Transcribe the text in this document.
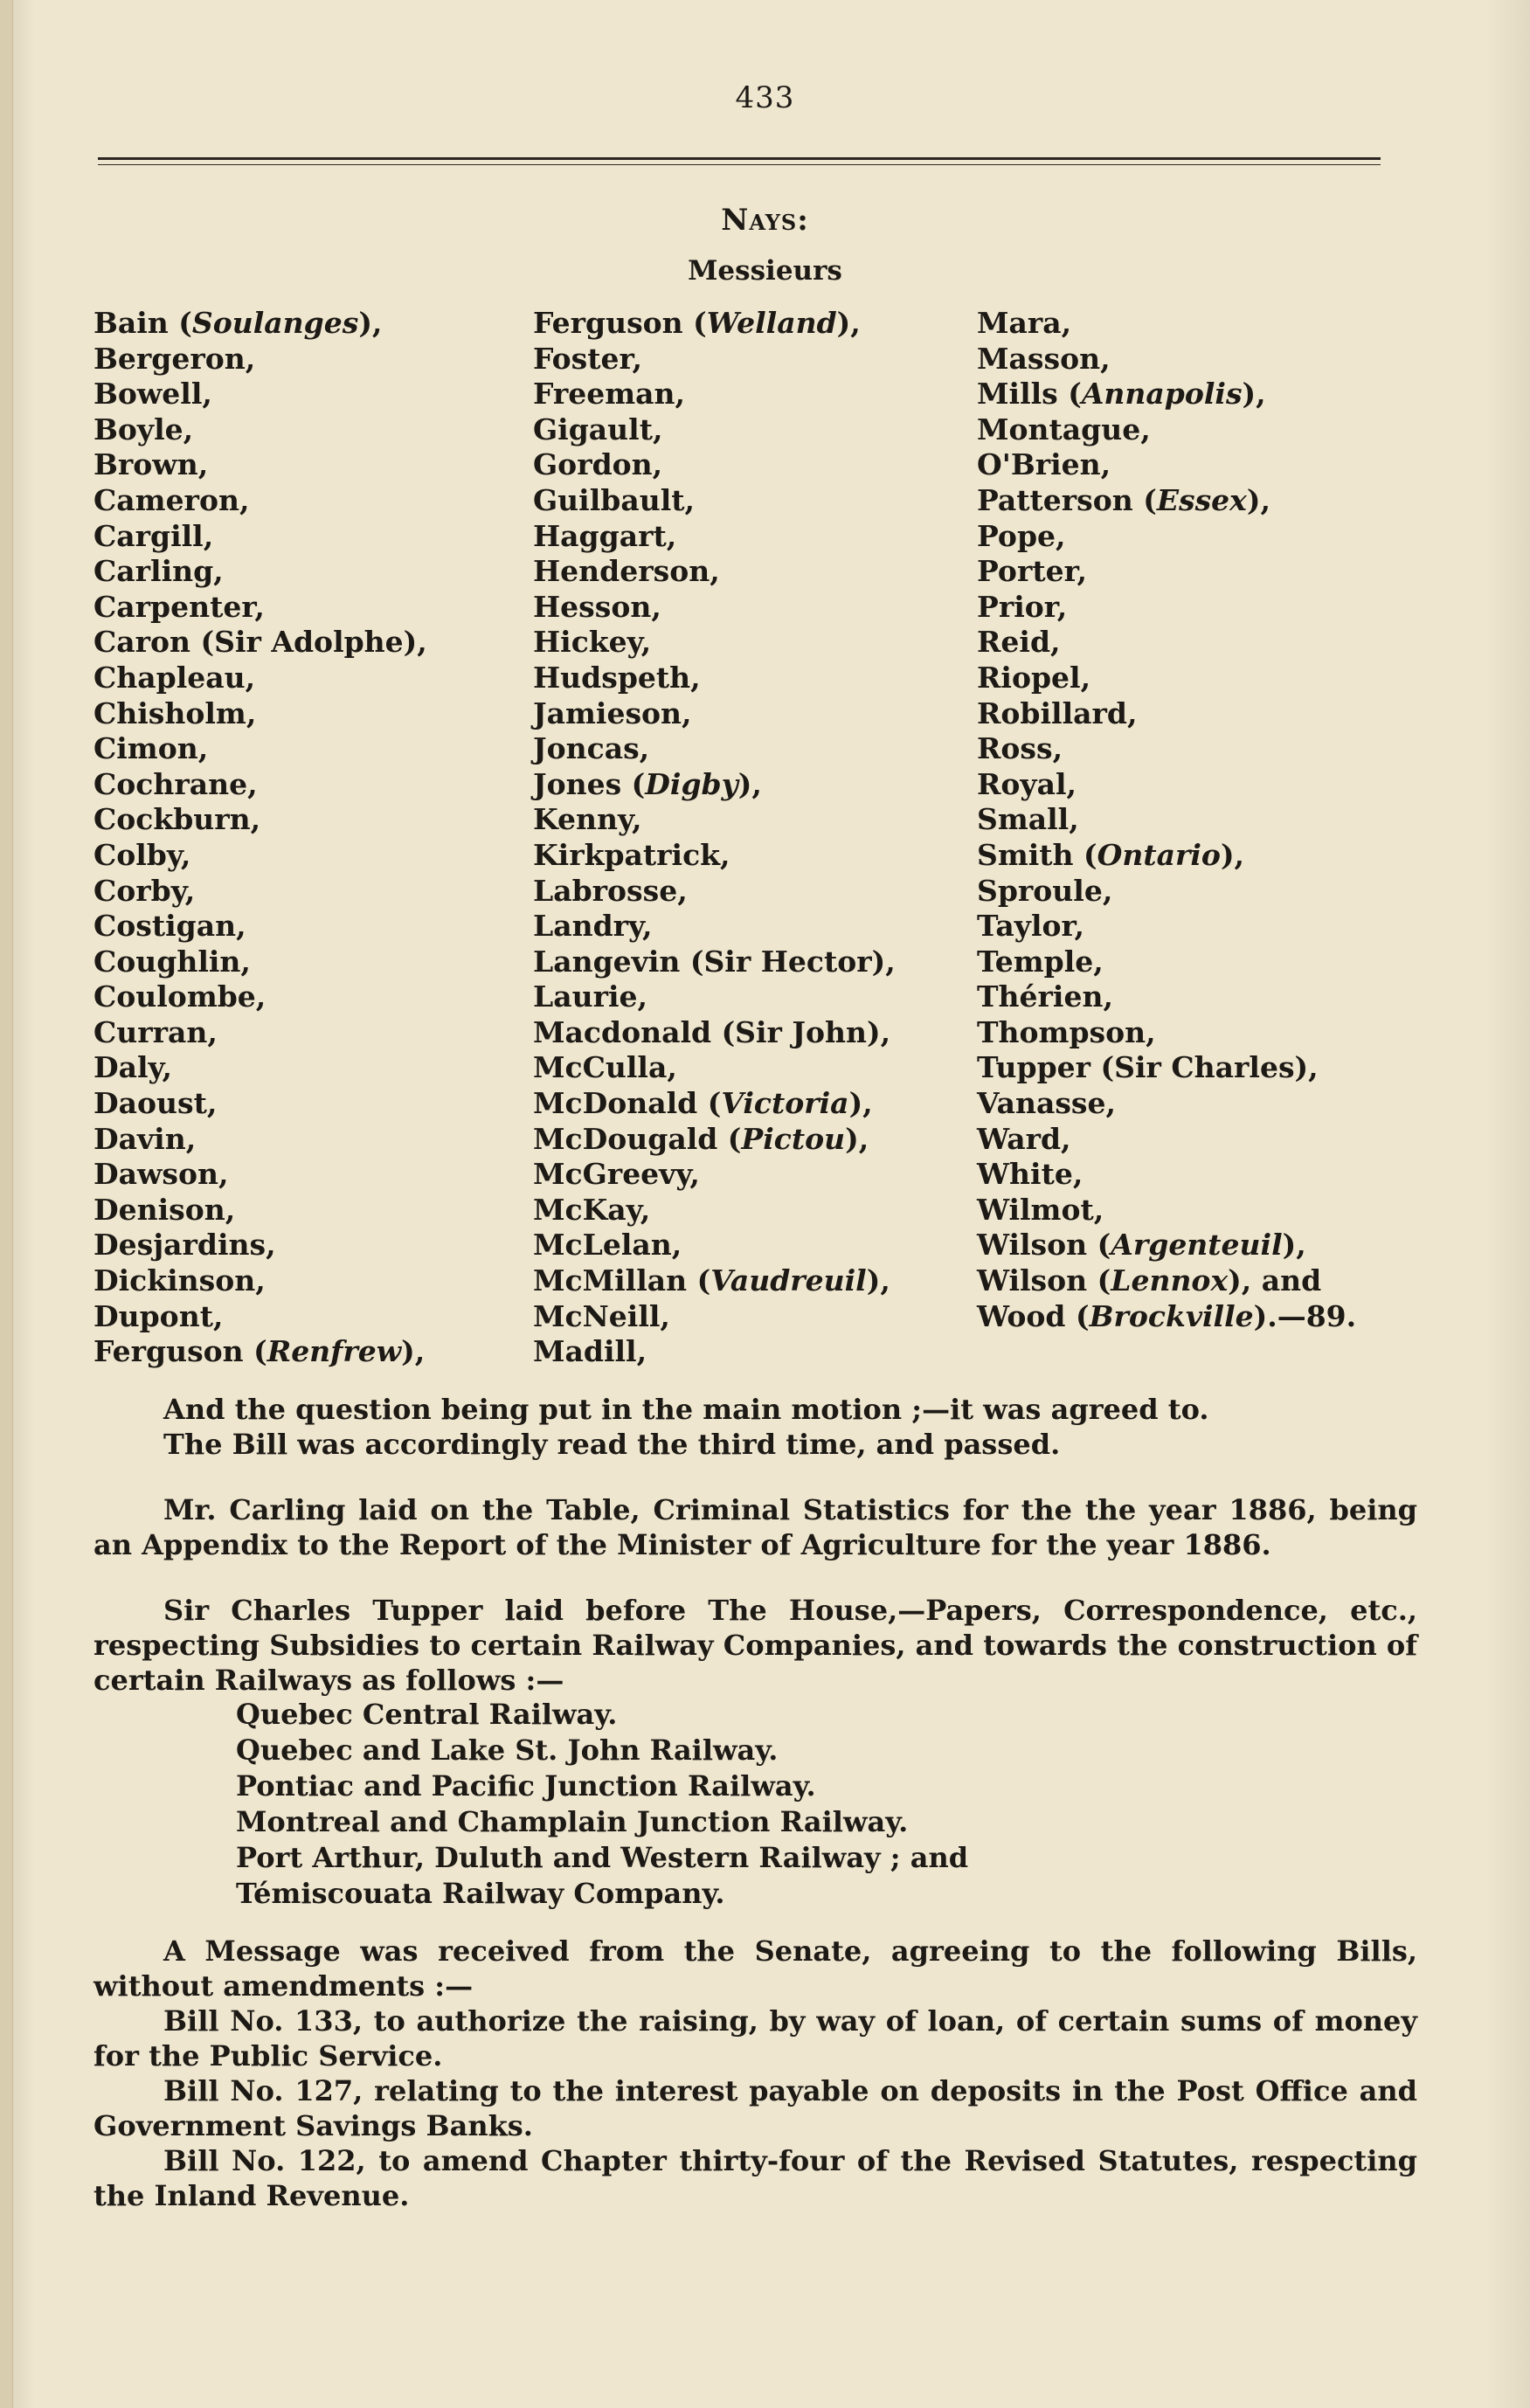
433
Nays:
Messieurs
Bain (Soulanges),
Bergeron,
Bowell,
Boyle,
Brown,
Cameron,
Cargill,
Carling,
Carpenter,
Caron (Sir Adolphe),
Chapleau,
Chisholm,
Cimon,
Cochrane,
Cockburn,
Colby,
Corby,
Costigan,
Coughlin,
Coulombe,
Curran,
Daly,
Daoust,
Davin,
Dawson,
Denison,
Desjardins,
Dickinson,
Dupont,
Ferguson (Renfrew),
Ferguson (Welland),
Foster,
Freeman,
Gigault,
Gordon,
Guilbault,
Haggart,
Henderson,
Hesson,
Hickey,
Hudspeth,
Jamieson,
Joncas,
Jones (Digby),
Kenny,
Kirkpatrick,
Labrosse,
Landry,
Langevin (Sir Hector),
Laurie,
Macdonald (Sir John),
McCulla,
McDonald (Victoria),
McDougald (Pictou),
McGreevy,
McKay,
McLelan,
McMillan (Vaudreuil),
McNeill,
Madill,
Mara,
Masson,
Mills (Annapolis),
Montague,
O'Brien,
Patterson (Essex),
Pope,
Porter,
Prior,
Reid,
Riopel,
Robillard,
Ross,
Royal,
Small,
Smith (Ontario),
Sproule,
Taylor,
Temple,
Thérien,
Thompson,
Tupper (Sir Charles),
Vanasse,
Ward,
White,
Wilmot,
Wilson (Argenteuil),
Wilson (Lennox), and
Wood (Brockville).—89.
And the question being put in the main motion ;—it was agreed to.
The Bill was accordingly read the third time, and passed.
Mr. Carling laid on the Table, Criminal Statistics for the the year 1886, being an Appendix to the Report of the Minister of Agriculture for the year 1886.
Sir Charles Tupper laid before The House,—Papers, Correspondence, etc., respecting Subsidies to certain Railway Companies, and towards the construction of certain Railways as follows :—
Quebec Central Railway.
Quebec and Lake St. John Railway.
Pontiac and Pacific Junction Railway.
Montreal and Champlain Junction Railway.
Port Arthur, Duluth and Western Railway ; and
Témiscouata Railway Company.
A Message was received from the Senate, agreeing to the following Bills, without amendments :—
Bill No. 133, to authorize the raising, by way of loan, of certain sums of money for the Public Service.
Bill No. 127, relating to the interest payable on deposits in the Post Office and Government Savings Banks.
Bill No. 122, to amend Chapter thirty-four of the Revised Statutes, respecting the Inland Revenue.
